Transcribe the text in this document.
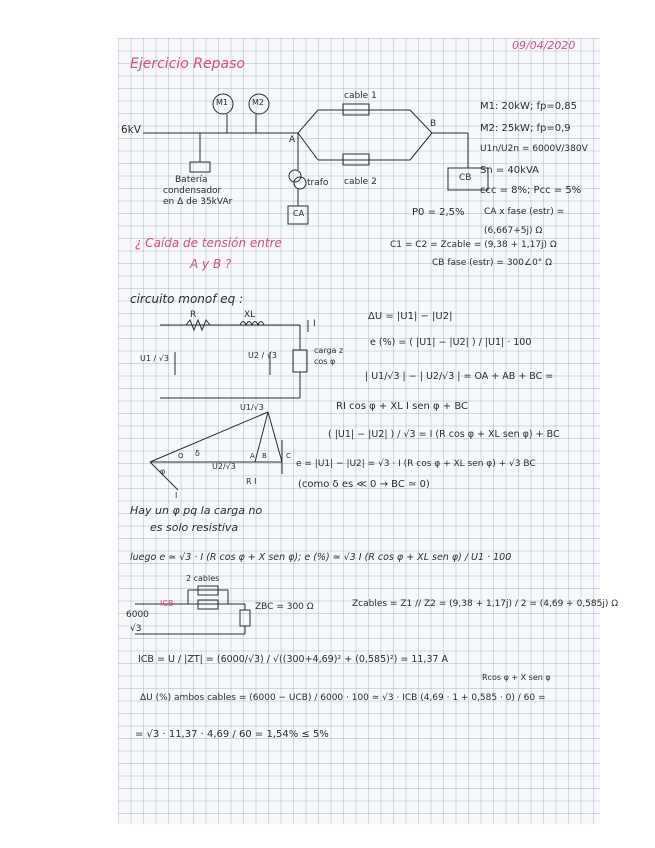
09/04/2020
Ejercicio Repaso
6kV
M1	M2
cable 1
cable 2
A
B
trafo	CB
CA
Batería
condensador
en Δ de 35kVAr
M1: 20kW; fp=0,85
M2: 25kW; fp=0,9
U1n/U2n = 6000V/380V
Sn = 40kVA
εcc = 8%; Pcc = 5%
P0 = 2,5% CA x fase (estr) =
(6,667+5j) Ω
C1 = C2 = Zcable = (9,38 + 1,17j) Ω
CB fase (estr) = 300∠0° Ω
¿ Caída de tensión entre
A y B ?
circuito monof eq :
R	XL
I
carga z
cos φ
U1 / √3	U2 / √3
ΔU = |U1| − |U2|
e (%) = ( |U1| − |U2| ) / |U1| · 100
| U1/√3 | − | U2/√3 | = OA + AB + BC =
RI cos φ + XL I sen φ + BC
( |U1| − |U2| ) / √3 = I (R cos φ + XL sen φ) + BC
e = |U1| − |U2| = √3 · I (R cos φ + XL sen φ) + √3 BC
(como δ es ≪ 0 → BC ≃ 0)
U1/√3
U2/√3
O	A B	C
R I
φ
δ
I
Hay un φ pq la carga no
es solo resistiva
luego e ≃ √3 · I (R cos φ + X sen φ); e (%) ≃ √3 I (R cos φ + XL sen φ) / U1 · 100
2 cables
6000
√3
ICB	ZBC = 300 Ω	Zcables = Z1 // Z2 = (9,38 + 1,17j) / 2 = (4,69 + 0,585j) Ω
ICB = U / |ZT| = (6000/√3) / √((300+4,69)² + (0,585)²) = 11,37 A
Rcos φ + X sen φ
ΔU (%) ambos cables = (6000 − UCB) / 6000 · 100 ≃ √3 · ICB (4,69 · 1 + 0,585 · 0) / 60 =
= √3 · 11,37 · 4,69 / 60 = 1,54% ≤ 5%
